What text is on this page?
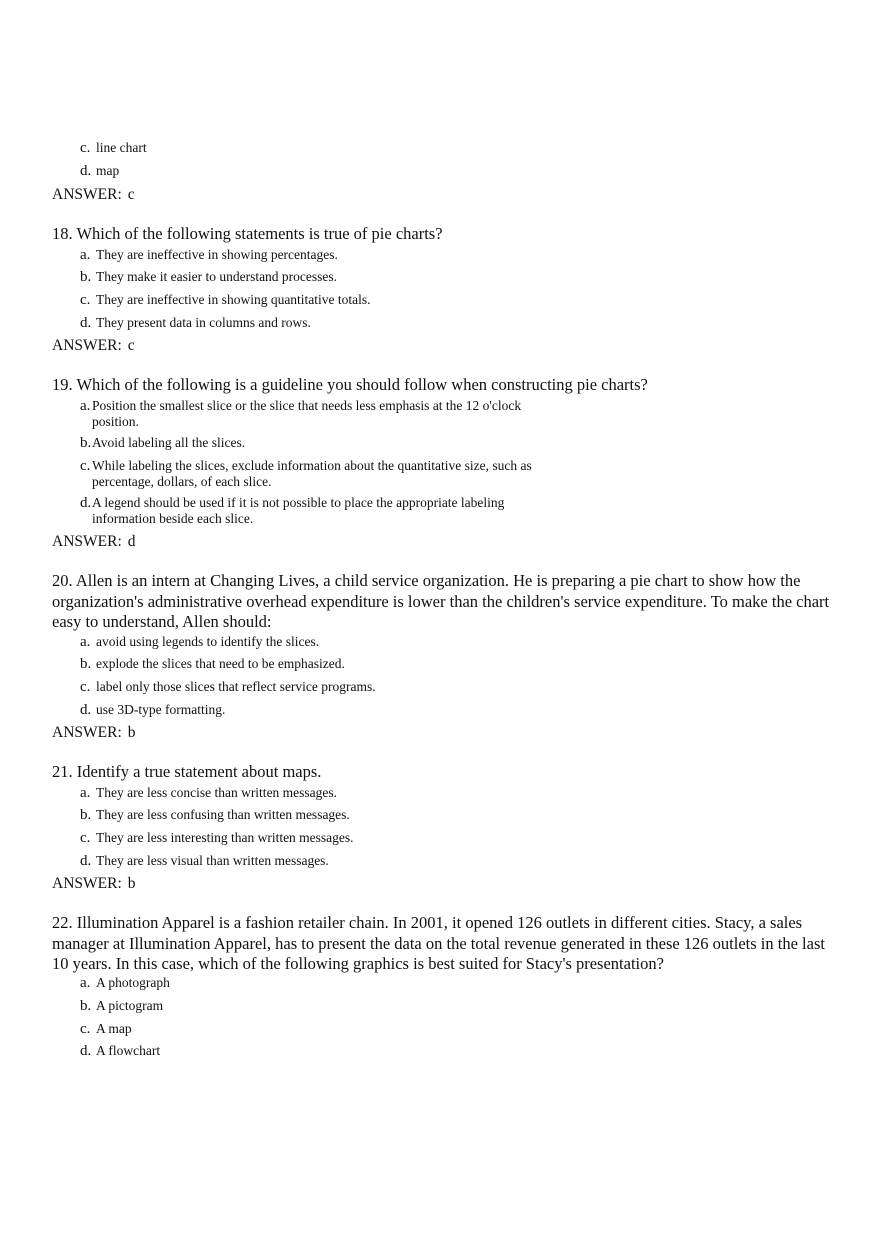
c. line chart
d. map
ANSWER: c
18. Which of the following statements is true of pie charts?
a. They are ineffective in showing percentages.
b. They make it easier to understand processes.
c. They are ineffective in showing quantitative totals.
d. They present data in columns and rows.
ANSWER: c
19. Which of the following is a guideline you should follow when constructing pie charts?
a. Position the smallest slice or the slice that needs less emphasis at the 12 o'clock
position.
b.Avoid labeling all the slices.
c. While labeling the slices, exclude information about the quantitative size, such as
percentage, dollars, of each slice.
d.A legend should be used if it is not possible to place the appropriate labeling
information beside each slice.
ANSWER: d
20. Allen is an intern at Changing Lives, a child service organization. He is preparing a pie chart to show how the organization's administrative overhead expenditure is lower than the children's service expenditure. To make the chart easy to understand, Allen should:
a. avoid using legends to identify the slices.
b. explode the slices that need to be emphasized.
c. label only those slices that reflect service programs.
d. use 3D-type formatting.
ANSWER: b
21. Identify a true statement about maps.
a. They are less concise than written messages.
b. They are less confusing than written messages.
c. They are less interesting than written messages.
d. They are less visual than written messages.
ANSWER: b
22. Illumination Apparel is a fashion retailer chain. In 2001, it opened 126 outlets in different cities. Stacy, a sales manager at Illumination Apparel, has to present the data on the total revenue generated in these 126 outlets in the last 10 years. In this case, which of the following graphics is best suited for Stacy's presentation?
a. A photograph
b. A pictogram
c. A map
d. A flowchart
